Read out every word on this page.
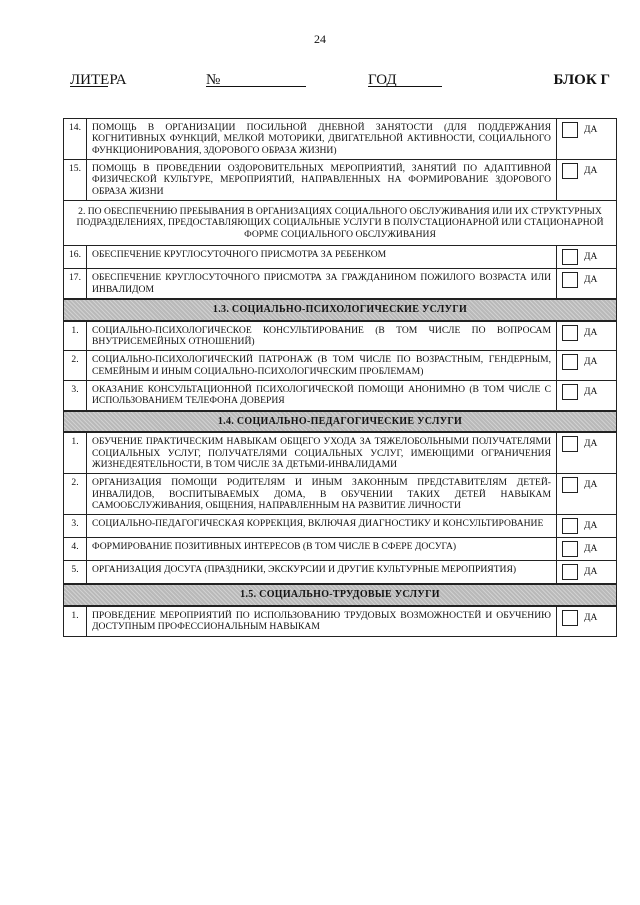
24
ЛИТЕРА	№	ГОД	БЛОК Г
14.	ПОМОЩЬ В ОРГАНИЗАЦИИ ПОСИЛЬНОЙ ДНЕВНОЙ ЗАНЯТОСТИ (ДЛЯ ПОДДЕРЖАНИЯ КОГНИТИВНЫХ ФУНКЦИЙ, МЕЛКОЙ МОТОРИКИ, ДВИГАТЕЛЬНОЙ АКТИВНОСТИ, СОЦИАЛЬНОГО ФУНКЦИОНИРОВАНИЯ, ЗДОРОВОГО ОБРАЗА ЖИЗНИ)	ДА
15.	ПОМОЩЬ В ПРОВЕДЕНИИ ОЗДОРОВИТЕЛЬНЫХ МЕРОПРИЯТИЙ, ЗАНЯТИЙ ПО АДАПТИВНОЙ ФИЗИЧЕСКОЙ КУЛЬТУРЕ, МЕРОПРИЯТИЙ, НАПРАВЛЕННЫХ НА ФОРМИРОВАНИЕ ЗДОРОВОГО ОБРАЗА ЖИЗНИ	ДА
2. ПО ОБЕСПЕЧЕНИЮ ПРЕБЫВАНИЯ В ОРГАНИЗАЦИЯХ СОЦИАЛЬНОГО ОБСЛУЖИВАНИЯ ИЛИ ИХ СТРУКТУРНЫХ ПОДРАЗДЕЛЕНИЯХ, ПРЕДОСТАВЛЯЮЩИХ СОЦИАЛЬНЫЕ УСЛУГИ В ПОЛУСТАЦИОНАРНОЙ ИЛИ СТАЦИОНАРНОЙ ФОРМЕ СОЦИАЛЬНОГО ОБСЛУЖИВАНИЯ		
16.	ОБЕСПЕЧЕНИЕ КРУГЛОСУТОЧНОГО ПРИСМОТРА ЗА РЕБЕНКОМ	ДА
17.	ОБЕСПЕЧЕНИЕ КРУГЛОСУТОЧНОГО ПРИСМОТРА ЗА ГРАЖДАНИНОМ ПОЖИЛОГО ВОЗРАСТА ИЛИ ИНВАЛИДОМ	ДА
1.3. СОЦИАЛЬНО-ПСИХОЛОГИЧЕСКИЕ УСЛУГИ		
1.	СОЦИАЛЬНО-ПСИХОЛОГИЧЕСКОЕ КОНСУЛЬТИРОВАНИЕ (В ТОМ ЧИСЛЕ ПО ВОПРОСАМ ВНУТРИСЕМЕЙНЫХ ОТНОШЕНИЙ)	ДА
2.	СОЦИАЛЬНО-ПСИХОЛОГИЧЕСКИЙ ПАТРОНАЖ (В ТОМ ЧИСЛЕ ПО ВОЗРАСТНЫМ, ГЕНДЕРНЫМ, СЕМЕЙНЫМ И ИНЫМ СОЦИАЛЬНО-ПСИХОЛОГИЧЕСКИМ ПРОБЛЕМАМ)	ДА
3.	ОКАЗАНИЕ КОНСУЛЬТАЦИОННОЙ ПСИХОЛОГИЧЕСКОЙ ПОМОЩИ АНОНИМНО (В ТОМ ЧИСЛЕ С ИСПОЛЬЗОВАНИЕМ ТЕЛЕФОНА ДОВЕРИЯ	ДА
1.4. СОЦИАЛЬНО-ПЕДАГОГИЧЕСКИЕ УСЛУГИ		
1.	ОБУЧЕНИЕ ПРАКТИЧЕСКИМ НАВЫКАМ ОБЩЕГО УХОДА ЗА ТЯЖЕЛОБОЛЬНЫМИ ПОЛУЧАТЕЛЯМИ СОЦИАЛЬНЫХ УСЛУГ, ПОЛУЧАТЕЛЯМИ СОЦИАЛЬНЫХ УСЛУГ, ИМЕЮЩИМИ ОГРАНИЧЕНИЯ ЖИЗНЕДЕЯТЕЛЬНОСТИ, В ТОМ ЧИСЛЕ ЗА ДЕТЬМИ-ИНВАЛИДАМИ	ДА
2.	ОРГАНИЗАЦИЯ ПОМОЩИ РОДИТЕЛЯМ И ИНЫМ ЗАКОННЫМ ПРЕДСТАВИТЕЛЯМ ДЕТЕЙ-ИНВАЛИДОВ, ВОСПИТЫВАЕМЫХ ДОМА, В ОБУЧЕНИИ ТАКИХ ДЕТЕЙ НАВЫКАМ САМООБСЛУЖИВАНИЯ, ОБЩЕНИЯ, НАПРАВЛЕННЫМ НА РАЗВИТИЕ ЛИЧНОСТИ	ДА
3.	СОЦИАЛЬНО-ПЕДАГОГИЧЕСКАЯ КОРРЕКЦИЯ, ВКЛЮЧАЯ ДИАГНОСТИКУ И КОНСУЛЬТИРОВАНИЕ	ДА
4.	ФОРМИРОВАНИЕ ПОЗИТИВНЫХ ИНТЕРЕСОВ (В ТОМ ЧИСЛЕ В СФЕРЕ ДОСУГА)	ДА
5.	ОРГАНИЗАЦИЯ ДОСУГА (ПРАЗДНИКИ, ЭКСКУРСИИ И ДРУГИЕ КУЛЬТУРНЫЕ МЕРОПРИЯТИЯ)	ДА
1.5. СОЦИАЛЬНО-ТРУДОВЫЕ УСЛУГИ		
1.	ПРОВЕДЕНИЕ МЕРОПРИЯТИЙ ПО ИСПОЛЬЗОВАНИЮ ТРУДОВЫХ ВОЗМОЖНОСТЕЙ И ОБУЧЕНИЮ ДОСТУПНЫМ ПРОФЕССИОНАЛЬНЫМ НАВЫКАМ	ДА
